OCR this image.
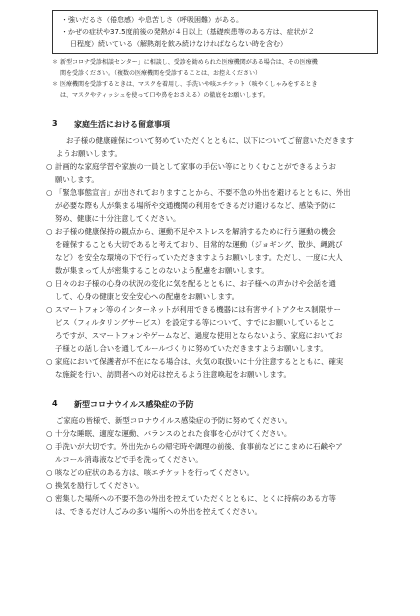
・強いだるさ（倦怠感）や息苦しさ（呼吸困難）がある。
・かぜの症状や37.5度前後の発熱が４日以上（基礎疾患等のある方は、症状が２
日程度）続いている（解熱剤を飲み続けなければならない時を含む）
＊ 新型コロナ受診相談センター」に相談し、受診を勧められた医療機関がある場合は、その医療機
関を受診ください。（複数の医療機関を受診することは、お控えください）
＊ 医療機関を受診するときは、マスクを着用し、手洗いや咳エチケット（咳やくしゃみをするとき
は、マスクやティッシュを使って口や鼻をおさえる）の徹底をお願いします。
3	家庭生活における留意事項
お子様の健康確保について努めていただくとともに、以下についてご留意いただきます
ようお願いします。
○ 計画的な家庭学習や家族の一員として家事の手伝い等にとりくむことができるようお
願いします。
○ 「緊急事態宣言」が出されておりますことから、不要不急の外出を避けるとともに、外出
が必要な際も人が集まる場所や交通機関の利用をできるだけ避けるなど、感染予防に
努め、健康に十分注意してください。
○ お子様の健康保持の観点から、運動不足やストレスを解消するために行う運動の機会
を確保することも大切であると考えており、目常的な運動（ジョギング、散歩、縄跳び
など）を安全な環境の下で行っていただきますようお願いします。ただし、一度に大人
数が集まって人が密集することのないよう配慮をお願いします。
○ 日々のお子様の心身の状況の変化に気を配るとともに、お子様への声かけや会話を通
して、心身の健康と安全安心への配慮をお願いします。
○ スマートフォン等のインターネットが利用できる機器には有害サイトアクセス制限サー
ビス（フィルタリングサービス）を設定する等について、すでにお願いしているとこ
ろですが、スマートフォンやゲームなど、過度な使用とならないよう、家庭においてお
子様との話し合いを通してルールづくりに努めていただきますようお願いします。
○ 家庭において保護者が不在になる場合は、火気の取扱いに十分注意するとともに、確実
な施錠を行い、訪問者への対応は控えるよう注意喚起をお願いします。
4	新型コロナウイルス感染症の予防
ご家庭の皆様で、新型コロナウイルス感染症の予防に努めてください。
○ 十分な睡眠、適度な運動、バランスのとれた食事を心がけてください。
○ 手洗いが大切です。外出先からの帰宅時や調理の前後、食事前などにこまめに石鹸やア
ルコール消毒液などで手を洗ってください。
○ 咳などの症状のある方は、咳エチケットを行ってください。
○ 換気を励行してください。
○ 密集した場所への不要不急の外出を控えていただくとともに、とくに持病のある方等
は、できるだけ人ごみの多い場所への外出を控えてください。
